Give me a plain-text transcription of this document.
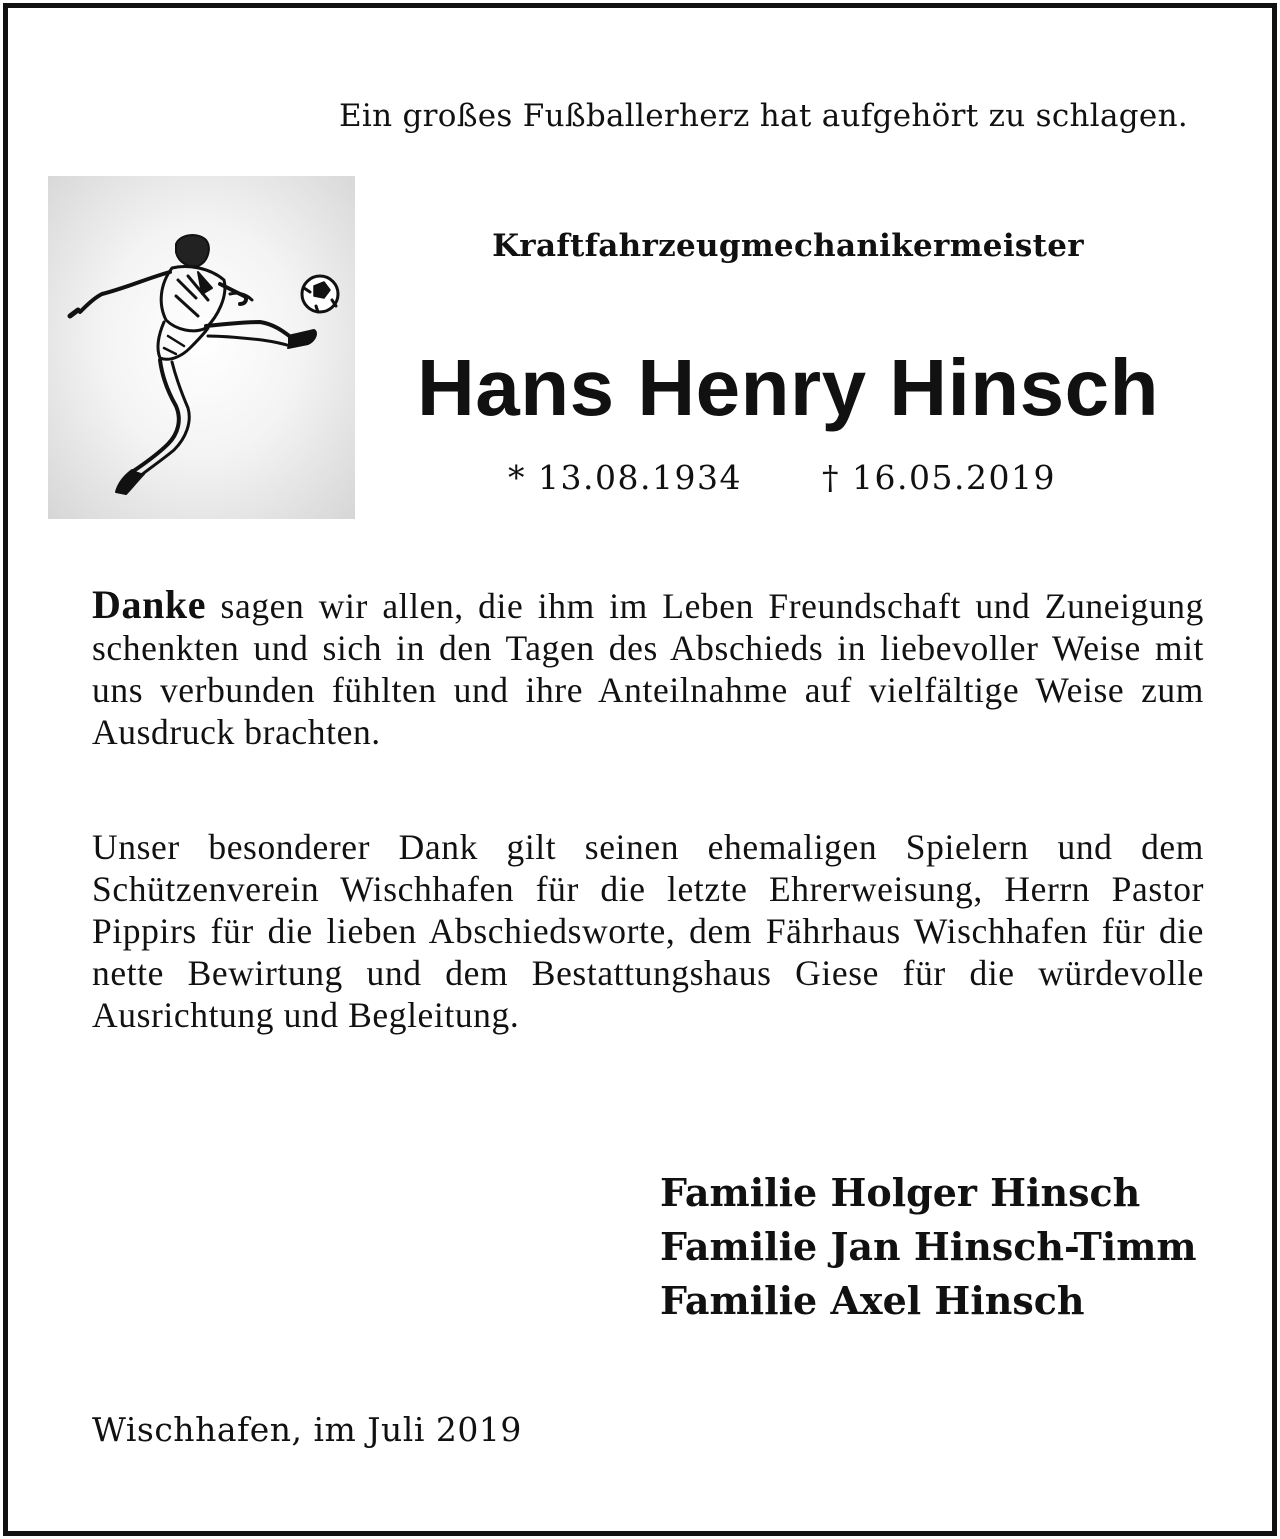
Ein großes Fußballerherz hat aufgehört zu schlagen.
Kraftfahrzeugmechanikermeister
Hans Henry Hinsch
* 13.08.1934 † 16.05.2019

Danke sagen wir allen, die ihm im Leben Freundschaft und Zuneigung schenkten und sich in den Tagen des Abschieds in liebevoller Weise mit uns verbunden fühlten und ihre Anteilnahme auf vielfältige Weise zum Ausdruck brachten.

Unser besonderer Dank gilt seinen ehemaligen Spielern und dem Schützenverein Wischhafen für die letzte Ehrerweisung, Herrn Pastor Pippirs für die lieben Abschiedsworte, dem Fährhaus Wischhafen für die nette Bewirtung und dem Bestattungshaus Giese für die würdevolle Ausrichtung und Begleitung.

Familie Holger Hinsch
Familie Jan Hinsch-Timm
Familie Axel Hinsch
Wischhafen, im Juli 2019
